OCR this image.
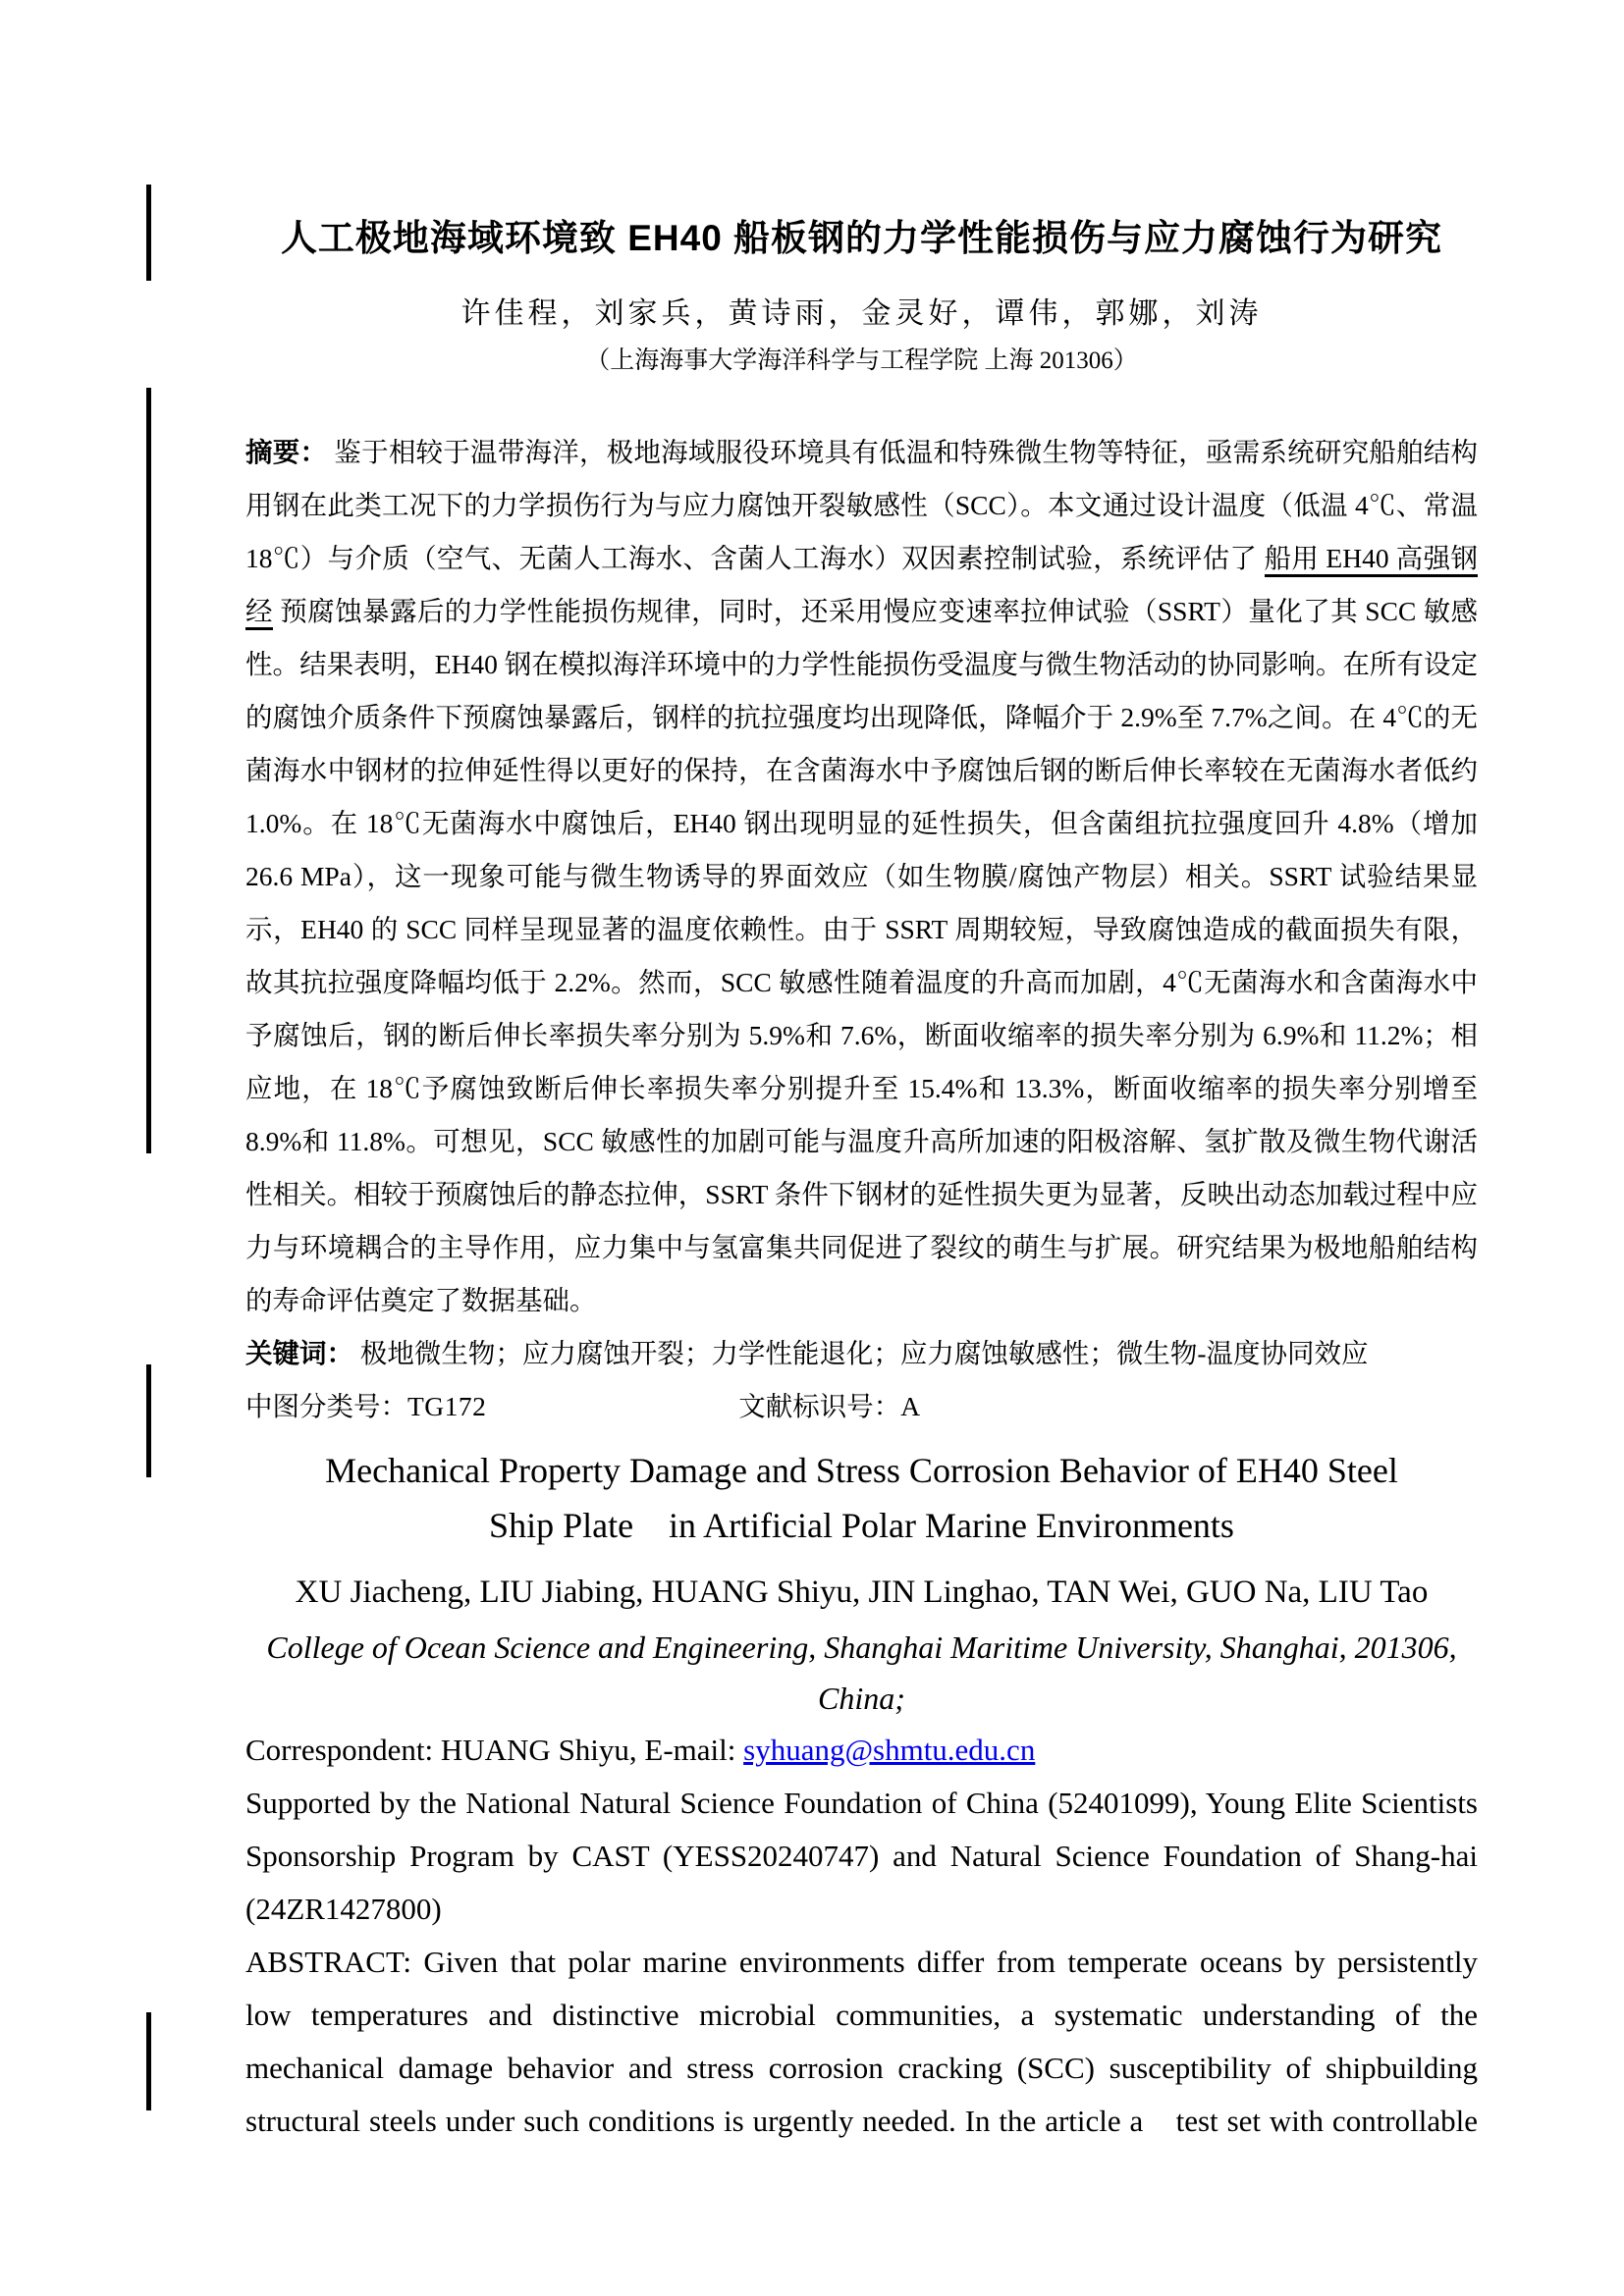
人工极地海域环境致 EH40 船板钢的力学性能损伤与应力腐蚀行为研究

许佳程，刘家兵，黄诗雨，金灵好，谭伟，郭娜，刘涛

（上海海事大学海洋科学与工程学院 上海 201306）

摘要： 鉴于相较于温带海洋，极地海域服役环境具有低温和特殊微生物等特征，亟需系统研究船舶结构用钢在此类工况下的力学损伤行为与应力腐蚀开裂敏感性（SCC）。本文通过设计温度（低温 4℃、常温 18℃）与介质（空气、无菌人工海水、含菌人工海水）双因素控制试验，系统评估了 船用 EH40 高强钢经 预腐蚀暴露后的力学性能损伤规律，同时，还采用慢应变速率拉伸试验（SSRT）量化了其 SCC 敏感性。结果表明，EH40 钢在模拟海洋环境中的力学性能损伤受温度与微生物活动的协同影响。在所有设定的腐蚀介质条件下预腐蚀暴露后，钢样的抗拉强度均出现降低，降幅介于 2.9%至 7.7%之间。在 4℃的无菌海水中钢材的拉伸延性得以更好的保持，在含菌海水中予腐蚀后钢的断后伸长率较在无菌海水者低约 1.0%。在 18℃无菌海水中腐蚀后，EH40 钢出现明显的延性损失，但含菌组抗拉强度回升 4.8%（增加 26.6 MPa），这一现象可能与微生物诱导的界面效应（如生物膜/腐蚀产物层）相关。SSRT 试验结果显示，EH40 的 SCC 同样呈现显著的温度依赖性。由于 SSRT 周期较短，导致腐蚀造成的截面损失有限，故其抗拉强度降幅均低于 2.2%。然而，SCC 敏感性随着温度的升高而加剧，4℃无菌海水和含菌海水中予腐蚀后，钢的断后伸长率损失率分别为 5.9%和 7.6%，断面收缩率的损失率分别为 6.9%和 11.2%；相应地，在 18℃予腐蚀致断后伸长率损失率分别提升至 15.4%和 13.3%，断面收缩率的损失率分别增至 8.9%和 11.8%。可想见，SCC 敏感性的加剧可能与温度升高所加速的阳极溶解、氢扩散及微生物代谢活性相关。相较于预腐蚀后的静态拉伸，SSRT 条件下钢材的延性损失更为显著，反映出动态加载过程中应力与环境耦合的主导作用，应力集中与氢富集共同促进了裂纹的萌生与扩展。研究结果为极地船舶结构的寿命评估奠定了数据基础。

关键词： 极地微生物；应力腐蚀开裂；力学性能退化；应力腐蚀敏感性；微生物-温度协同效应

中图分类号：TG172	文献标识号：A

Mechanical Property Damage and Stress Corrosion Behavior of EH40 Steel
Ship Plate　in Artificial Polar Marine Environments

XU Jiacheng, LIU Jiabing, HUANG Shiyu, JIN Linghao, TAN Wei, GUO Na, LIU Tao

College of Ocean Science and Engineering, Shanghai Maritime University, Shanghai, 201306,
China;

Correspondent: HUANG Shiyu, E-mail: syhuang@shmtu.edu.cn

Supported by the National Natural Science Foundation of China (52401099), Young Elite Scientists Sponsorship Program by CAST (YESS20240747) and Natural Science Foundation of Shang-hai (24ZR1427800)

ABSTRACT: Given that polar marine environments differ from temperate oceans by persistently low temperatures and distinctive microbial communities, a systematic understanding of the mechanical damage behavior and stress corrosion cracking (SCC) susceptibility of shipbuilding structural steels under such conditions is urgently needed. In the article a　test set with controllable
